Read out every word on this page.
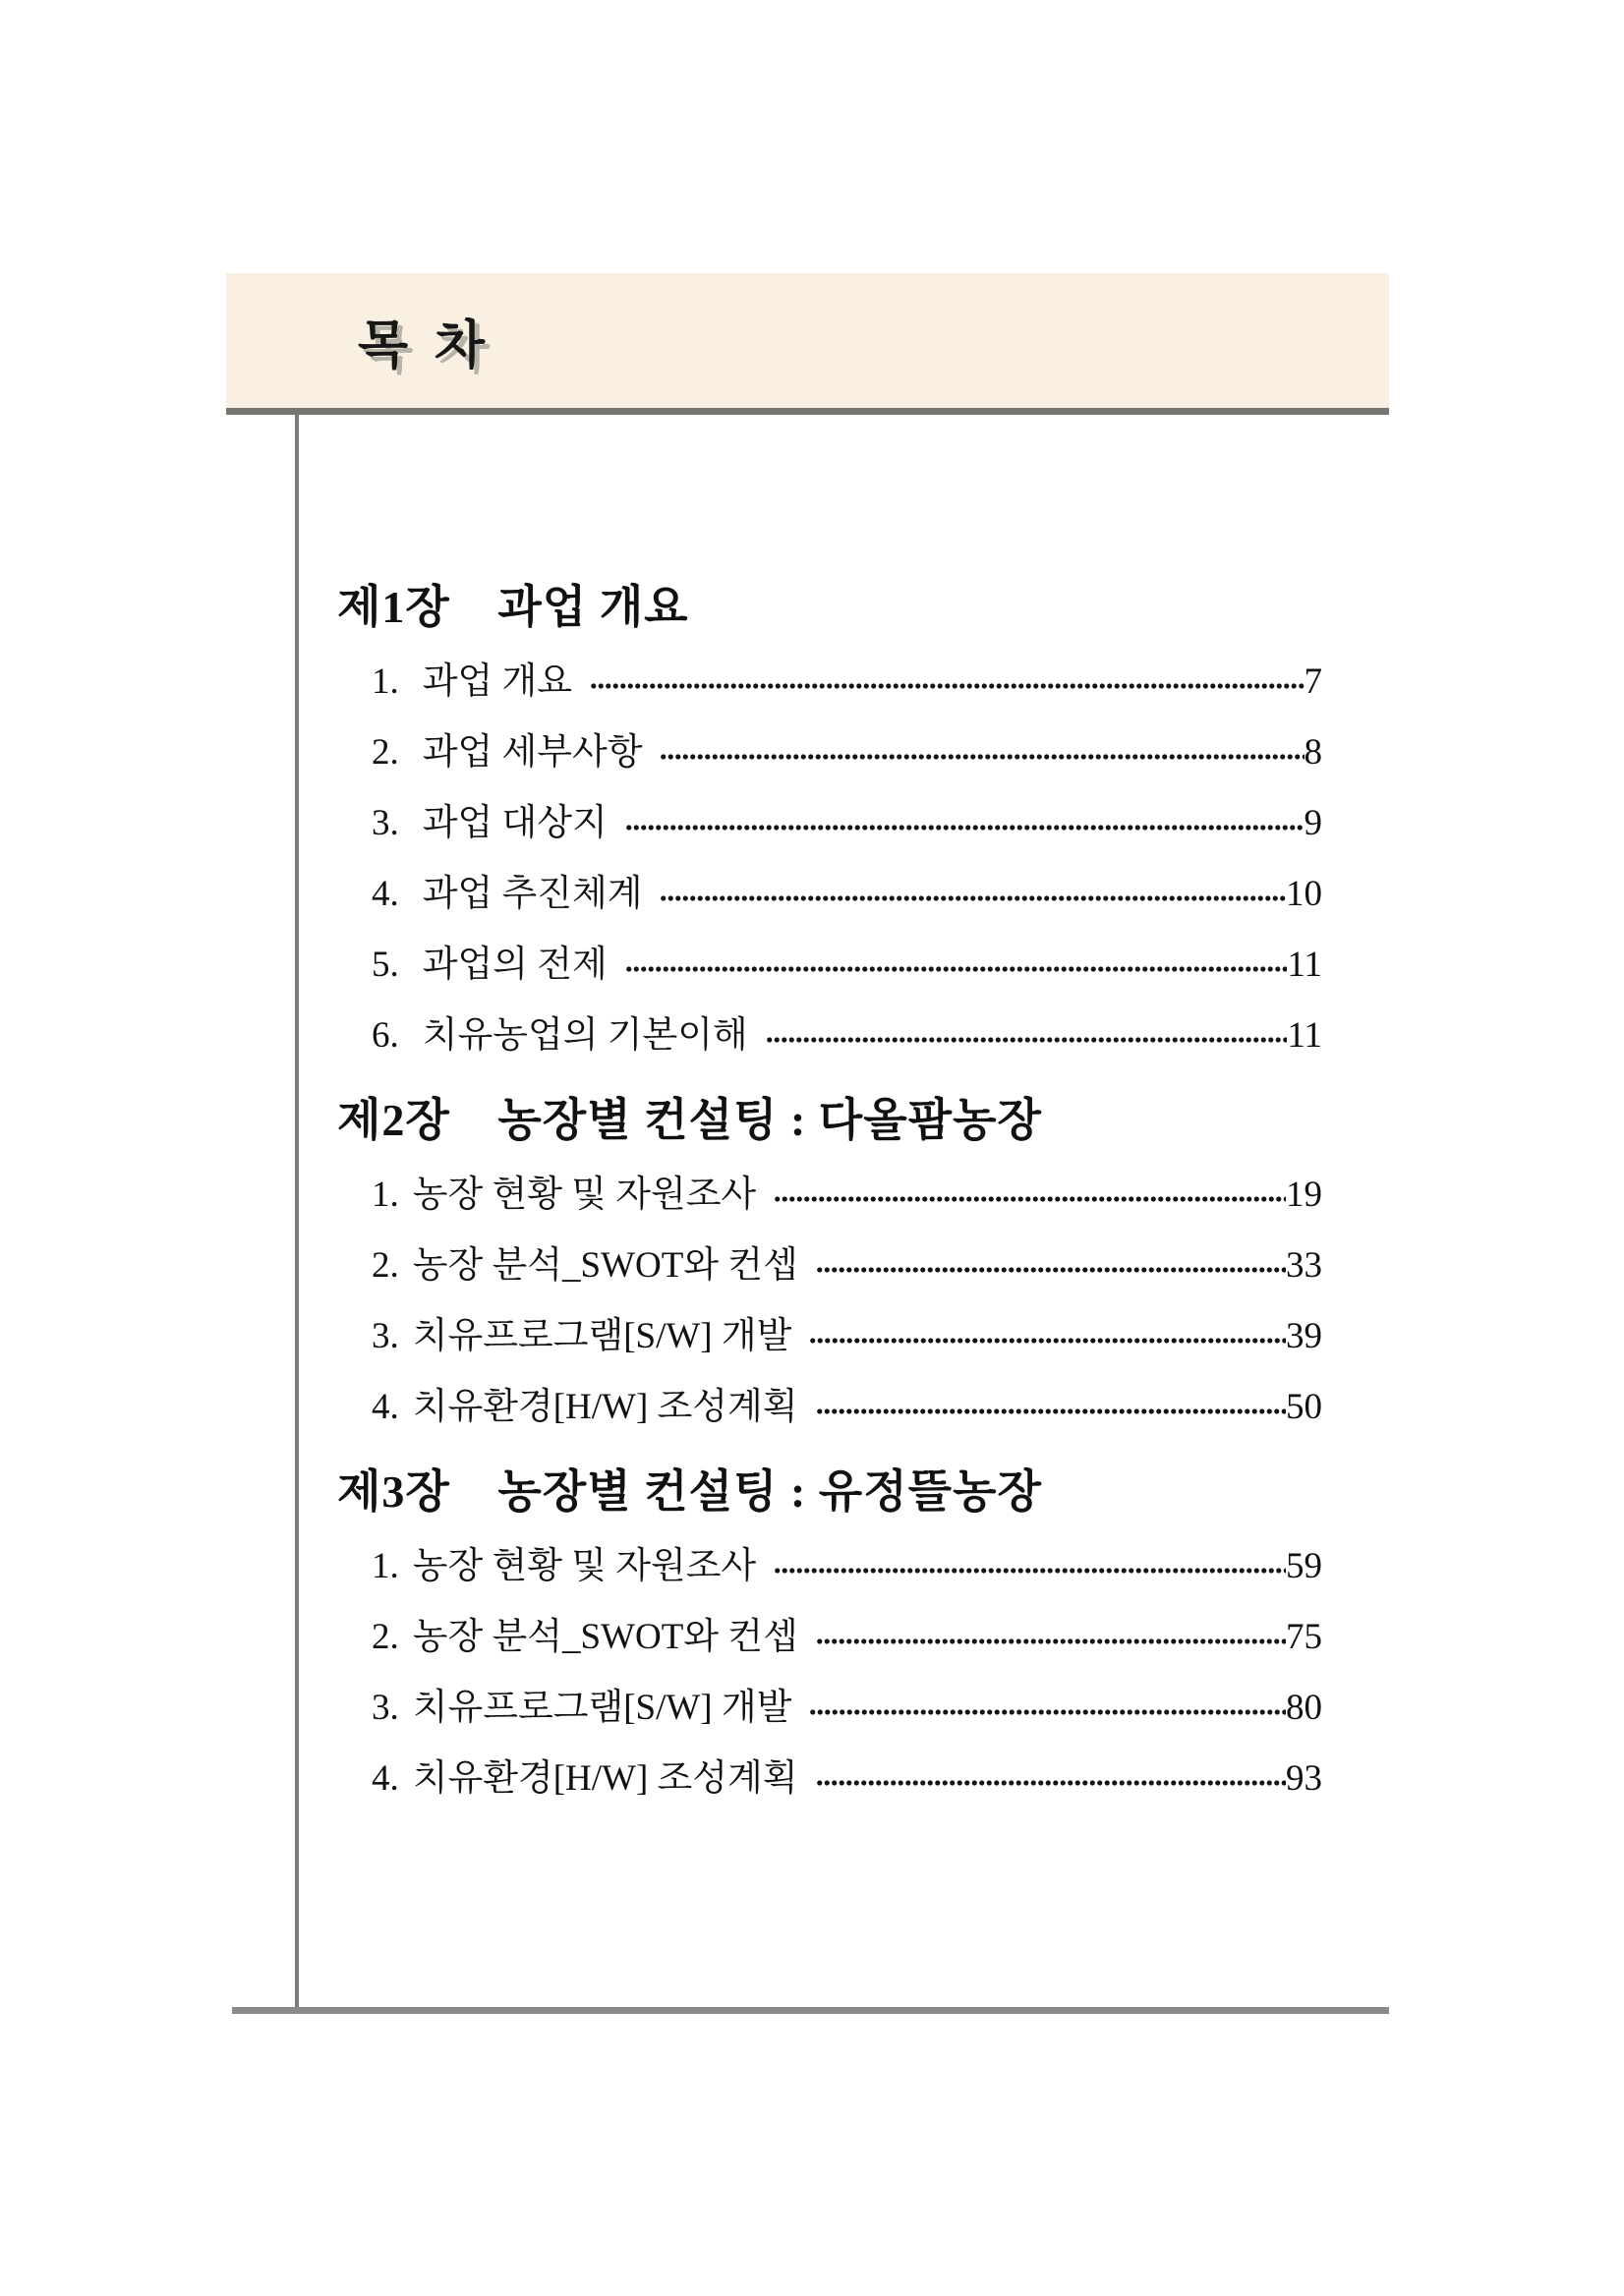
목 차
제1장 과업 개요
1. 과업 개요	7
2. 과업 세부사항	8
3. 과업 대상지	9
4. 과업 추진체계	10
5. 과업의 전제	11
6. 치유농업의 기본이해	11
제2장 농장별 컨설팅 : 다올팜농장
1. 농장 현황 및 자원조사	19
2. 농장 분석_SWOT와 컨셉	33
3. 치유프로그램[S/W] 개발	39
4. 치유환경[H/W] 조성계획	50
제3장 농장별 컨설팅 : 유정뜰농장
1. 농장 현황 및 자원조사	59
2. 농장 분석_SWOT와 컨셉	75
3. 치유프로그램[S/W] 개발	80
4. 치유환경[H/W] 조성계획	93
